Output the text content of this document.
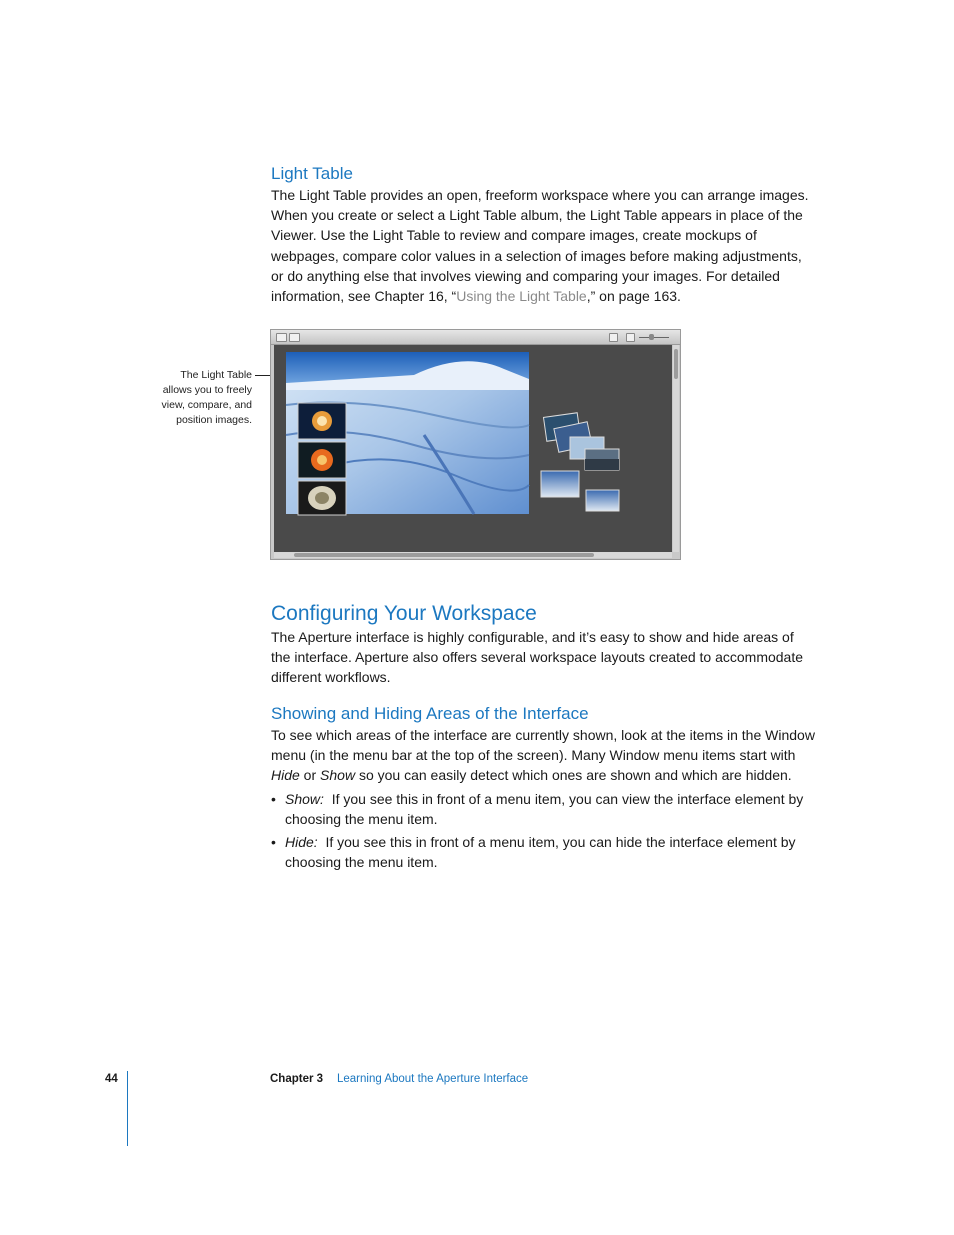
Light Table
The Light Table provides an open, freeform workspace where you can arrange images.
When you create or select a Light Table album, the Light Table appears in place of the
Viewer. Use the Light Table to review and compare images, create mockups of
webpages, compare color values in a selection of images before making adjustments,
or do anything else that involves viewing and comparing your images. For detailed
information, see Chapter 16, “Using the Light Table,” on page 163.
The Light Table
allows you to freely
view, compare, and
position images.
Configuring Your Workspace
The Aperture interface is highly configurable, and it’s easy to show and hide areas of
the interface. Aperture also offers several workspace layouts created to accommodate
different workflows.
Showing and Hiding Areas of the Interface
To see which areas of the interface are currently shown, look at the items in the Window
menu (in the menu bar at the top of the screen). Many Window menu items start with
Hide or Show so you can easily detect which ones are shown and which are hidden.
• Show: If you see this in front of a menu item, you can view the interface element by
choosing the menu item.
• Hide: If you see this in front of a menu item, you can hide the interface element by
choosing the menu item.
44	Chapter 3 Learning About the Aperture Interface
